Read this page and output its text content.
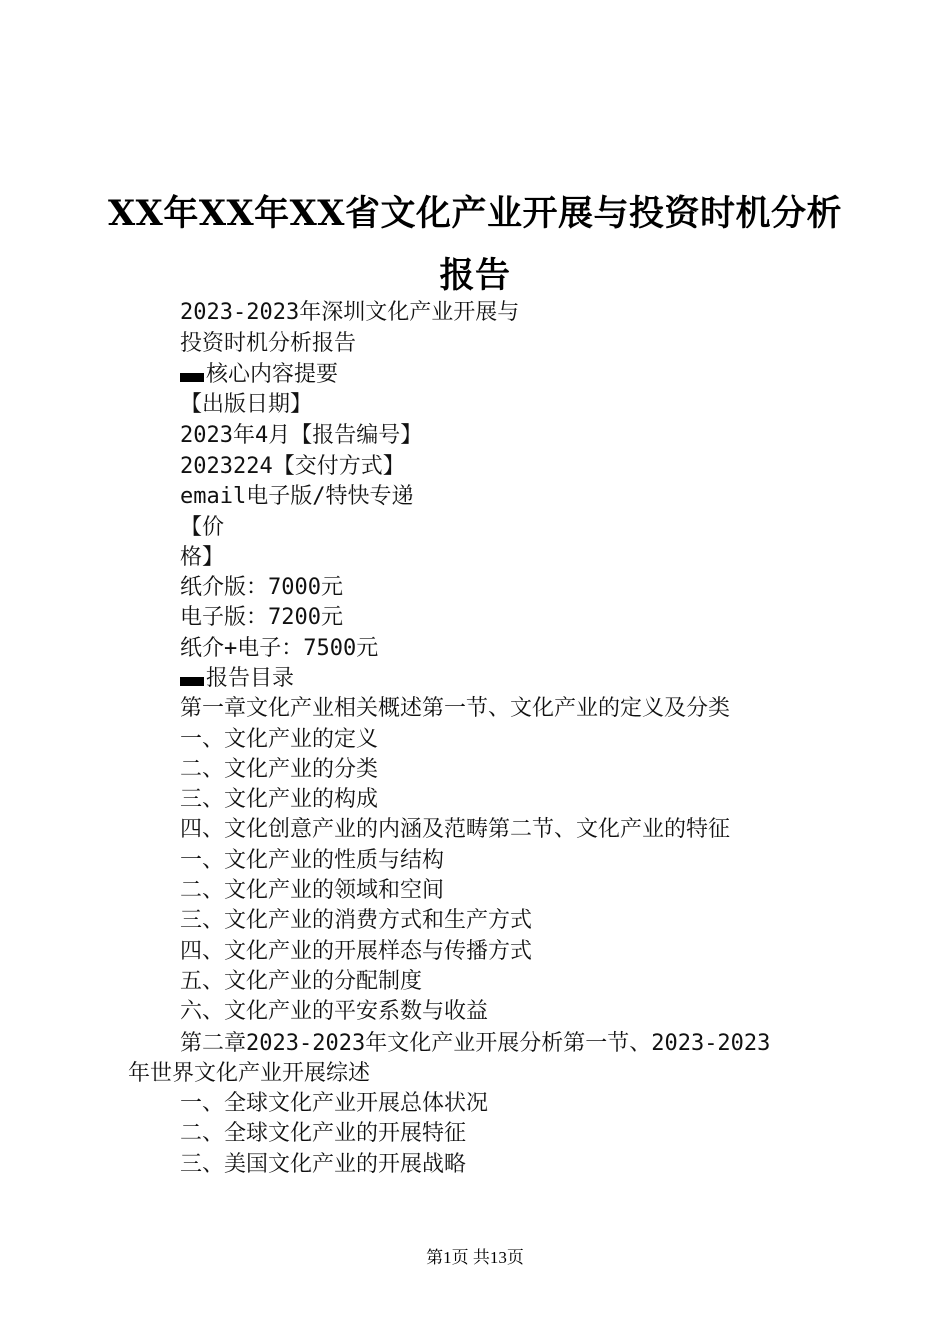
XX年XX年XX省文化产业开展与投资时机分析
报告
2023-2023年深圳文化产业开展与
投资时机分析报告
核心内容提要
【出版日期】
2023年4月【报告编号】
2023224【交付方式】
email电子版/特快专递
【价
格】
纸介版：7000元
电子版：7200元
纸介+电子：7500元
报告目录
第一章文化产业相关概述第一节、文化产业的定义及分类
一、文化产业的定义
二、文化产业的分类
三、文化产业的构成
四、文化创意产业的内涵及范畴第二节、文化产业的特征
一、文化产业的性质与结构
二、文化产业的领域和空间
三、文化产业的消费方式和生产方式
四、文化产业的开展样态与传播方式
五、文化产业的分配制度
六、文化产业的平安系数与收益
第二章2023-2023年文化产业开展分析第一节、2023-2023
年世界文化产业开展综述
一、全球文化产业开展总体状况
二、全球文化产业的开展特征
三、美国文化产业的开展战略
第1页 共13页
